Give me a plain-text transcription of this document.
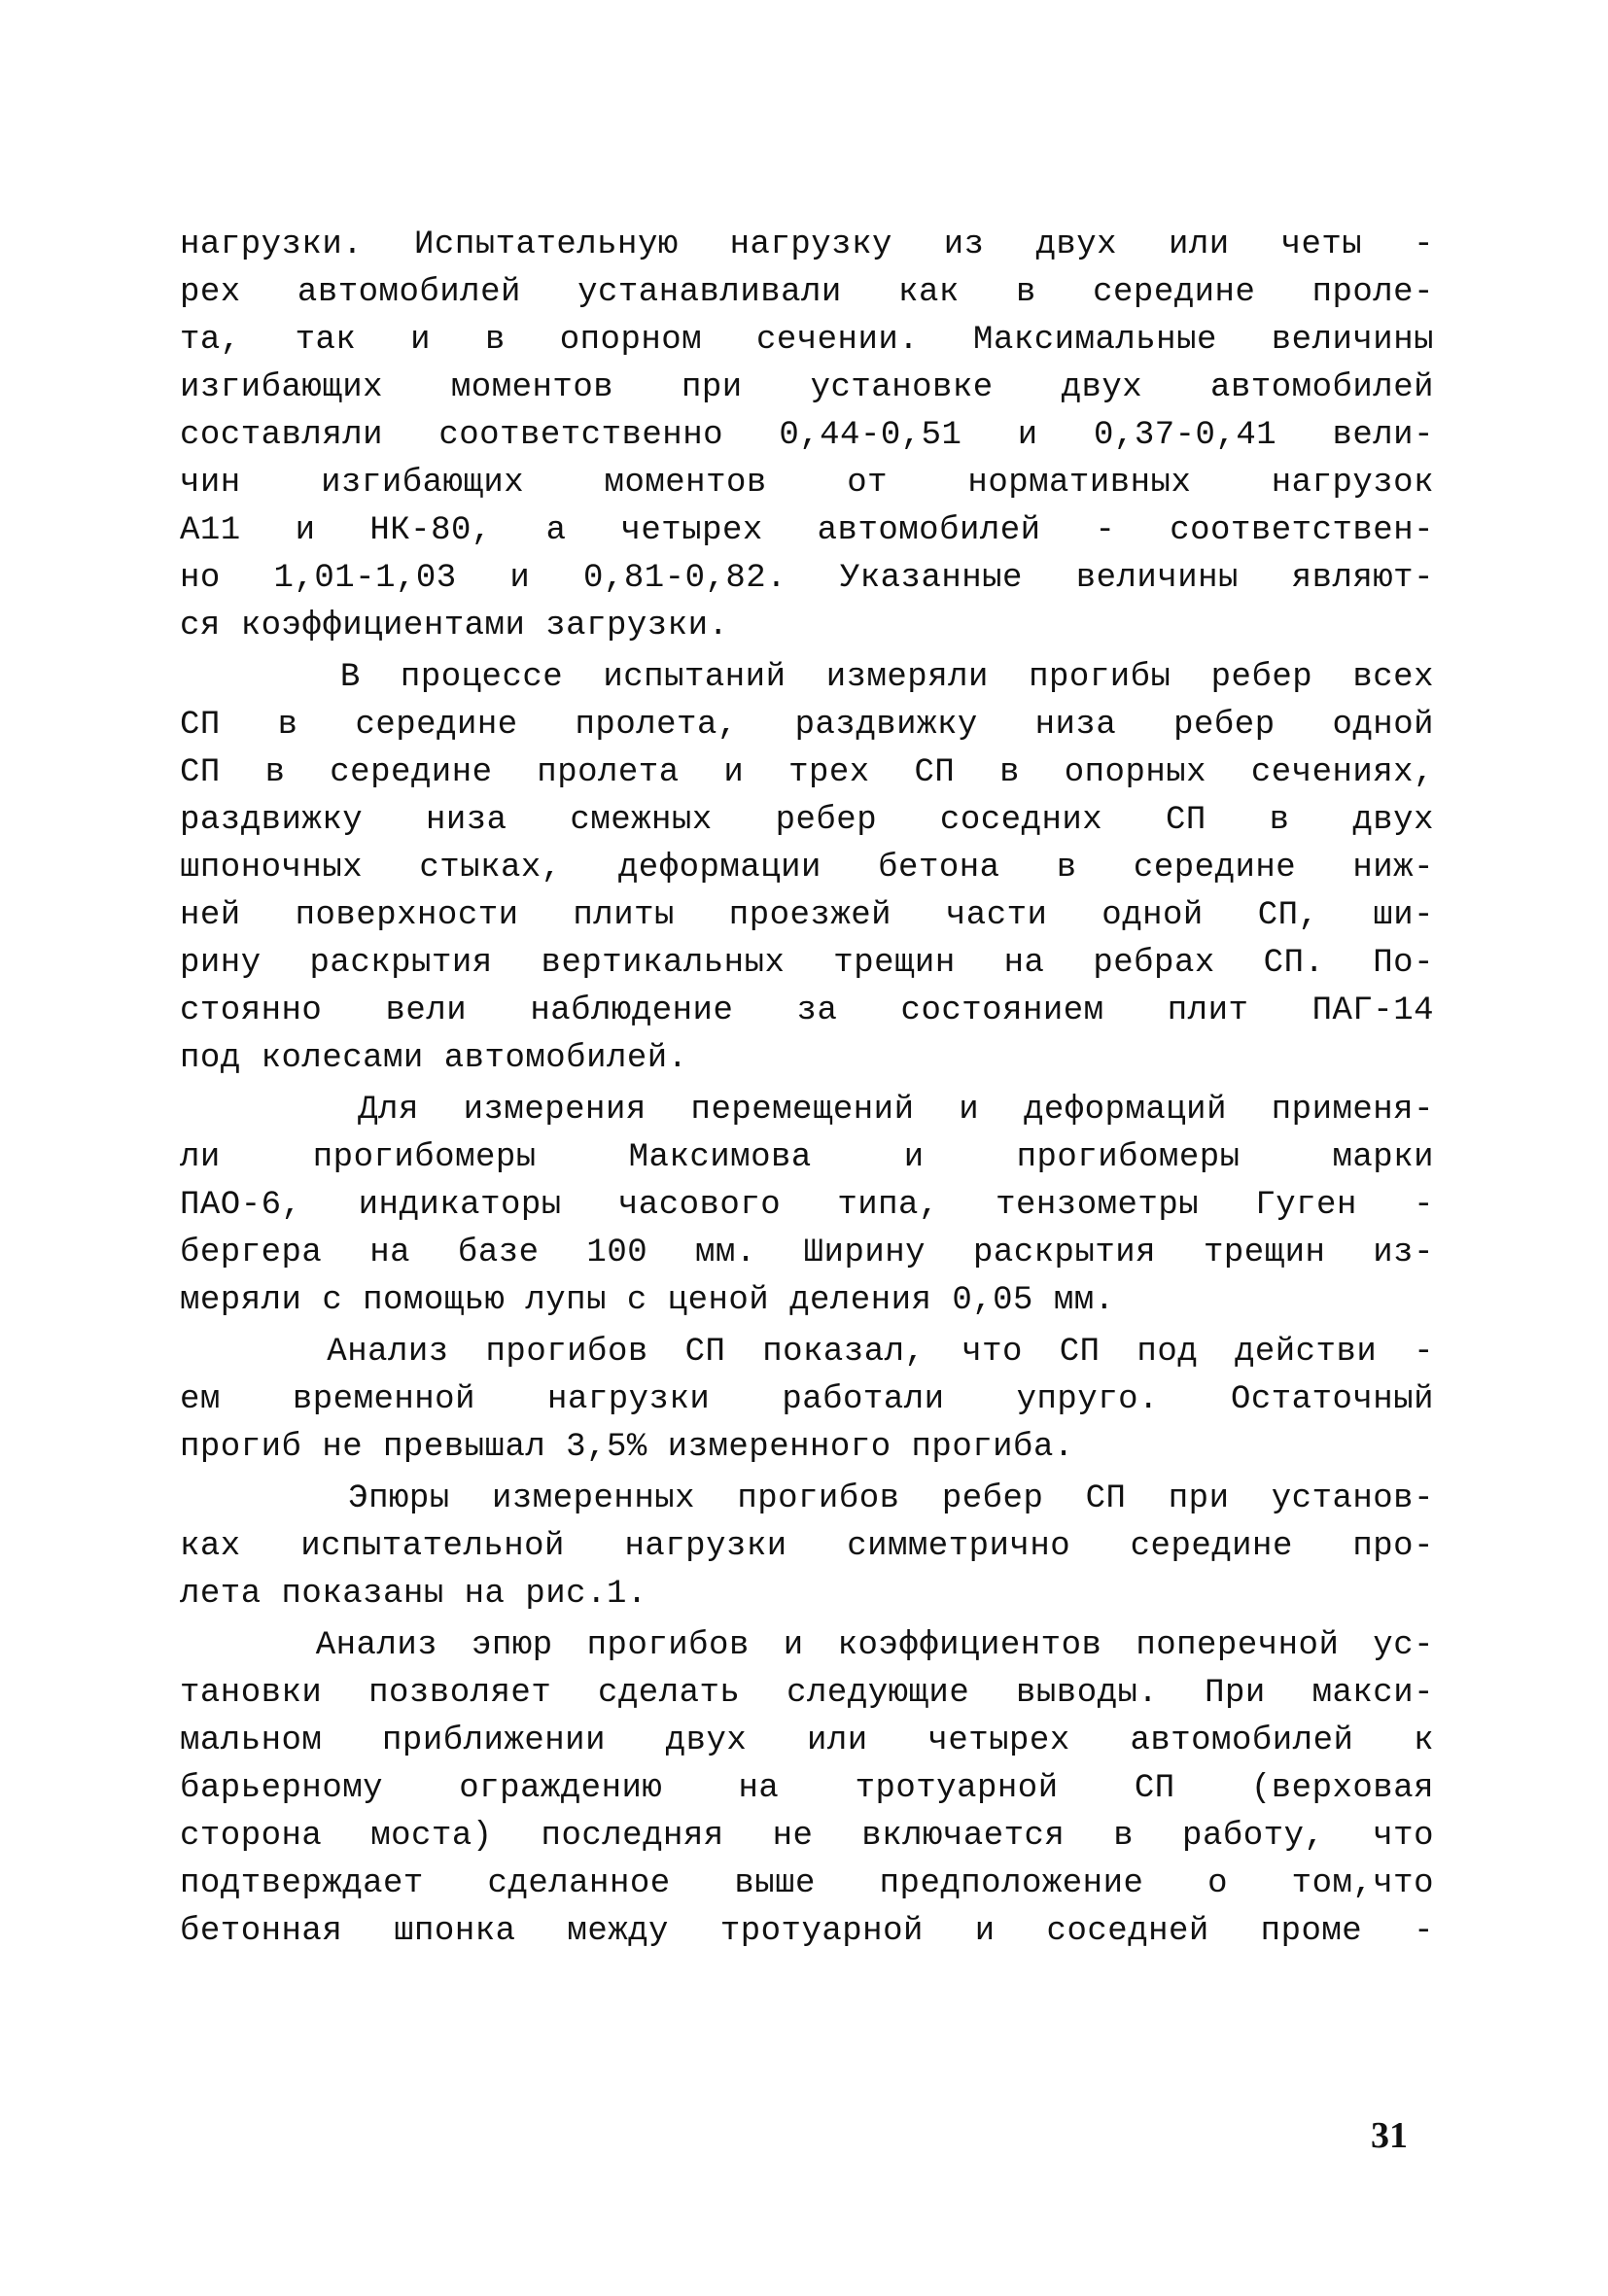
нагрузки. Испытательную нагрузку из двух или четы -
рех автомобилей устанавливали как в середине проле-
та, так и в опорном сечении. Максимальные величины
изгибающих моментов при установке двух автомобилей
составляли соответственно 0,44-0,51 и 0,37-0,41 вели-
чин изгибающих моментов от нормативных нагрузок
А11 и НК-80, а четырех автомобилей - соответствен-
но 1,01-1,03 и 0,81-0,82. Указанные величины являют-
ся коэффициентами загрузки.
В процессе испытаний измеряли прогибы ребер всех
СП в середине пролета, раздвижку низа ребер одной
СП в середине пролета и трех СП в опорных сечениях,
раздвижку низа смежных ребер соседних СП в двух
шпоночных стыках, деформации бетона в середине ниж-
ней поверхности плиты проезжей части одной СП, ши-
рину раскрытия вертикальных трещин на ребрах СП. По-
стоянно вели наблюдение за состоянием плит ПАГ-14
под колесами автомобилей.
Для измерения перемещений и деформаций применя-
ли прогибомеры Максимова и прогибомеры марки
ПАО-6, индикаторы часового типа, тензометры Гуген -
бергера на базе 100 мм. Ширину раскрытия трещин из-
меряли с помощью лупы с ценой деления 0,05 мм.
Анализ прогибов СП показал, что СП под действи -
ем временной нагрузки работали упруго. Остаточный
прогиб не превышал 3,5% измеренного прогиба.
Эпюры измеренных прогибов ребер СП при установ-
ках испытательной нагрузки симметрично середине про-
лета показаны на рис.1.
Анализ эпюр прогибов и коэффициентов поперечной ус-
тановки позволяет сделать следующие выводы. При макси-
мальном приближении двух или четырех автомобилей к
барьерному ограждению на тротуарной СП (верховая
сторона моста) последняя не включается в работу, что
подтверждает сделанное выше предположение о том,что
бетонная шпонка между тротуарной и соседней проме -
31
